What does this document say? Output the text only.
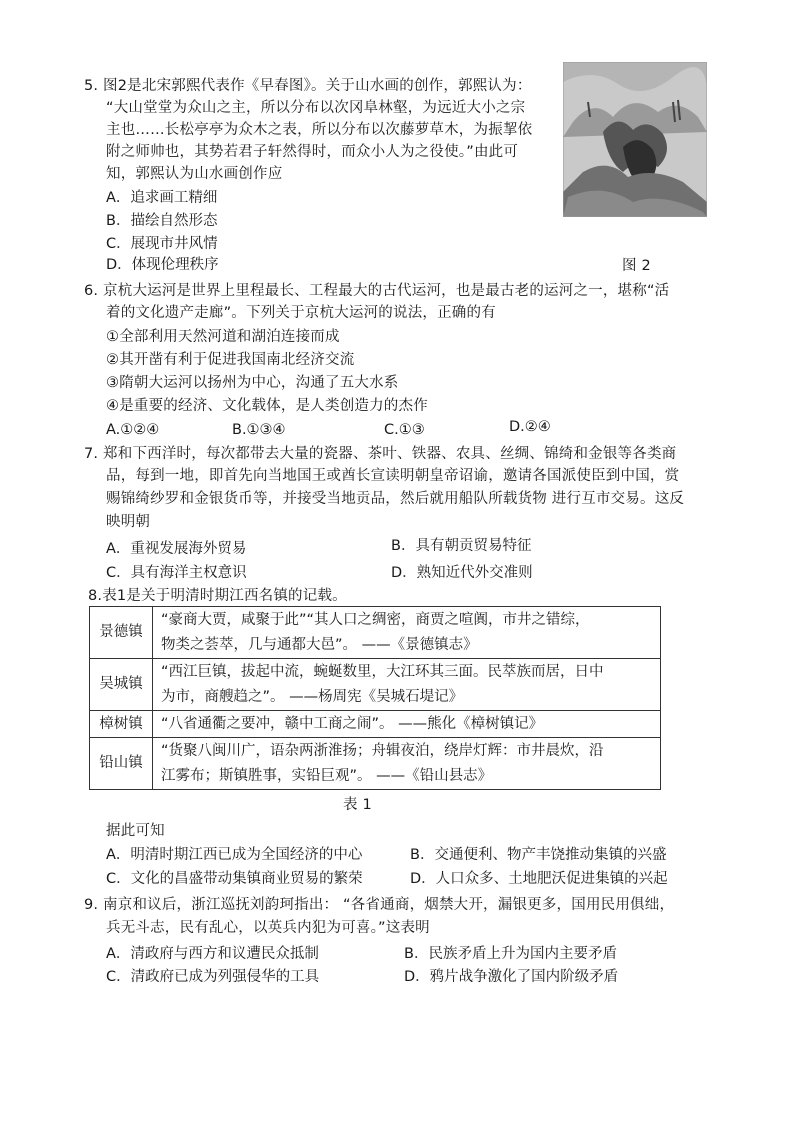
5. 图2是北宋郭熙代表作《早春图》。关于山水画的创作，郭熙认为：
“大山堂堂为众山之主，所以分布以次冈阜林壑，为远近大小之宗
主也……长松亭亭为众木之表，所以分布以次藤萝草木，为振挈依
附之师帅也，其势若君子轩然得时，而众小人为之役使。”由此可
知，郭熙认为山水画创作应
A．追求画工精细
B．描绘自然形态
C．展现市井风情
D．体现伦理秩序	图 2
6. 京杭大运河是世界上里程最长、工程最大的古代运河，也是最古老的运河之一，堪称“活
着的文化遗产走廊”。下列关于京杭大运河的说法，正确的有
①全部利用天然河道和湖泊连接而成
②其开凿有利于促进我国南北经济交流
③隋朝大运河以扬州为中心，沟通了五大水系
④是重要的经济、文化载体，是人类创造力的杰作
A.①②④	B.①③④	C.①③	D.②④
7. 郑和下西洋时，每次都带去大量的瓷器、茶叶、铁器、农具、丝绸、锦绮和金银等各类商
品，每到一地，即首先向当地国王或酋长宣读明朝皇帝诏谕，邀请各国派使臣到中国，赏
赐锦绮纱罗和金银货币等，并接受当地贡品，然后就用船队所载货物 进行互市交易。这反
映明朝
A．重视发展海外贸易	B．具有朝贡贸易特征
C．具有海洋主权意识	D．熟知近代外交准则
8.表1是关于明清时期江西名镇的记载。
景德镇	“豪商大贾，咸聚于此”“其人口之绸密，商贾之喧阗，市井之错综，
物类之荟萃，几与通都大邑”。 ——《景德镇志》

吴城镇	“西江巨镇，拔起中流，蜿蜒数里，大江环其三面。民萃族而居，日中
为市，商艘趋之”。 ——杨周宪《吴城石堤记》

樟树镇	“八省通衢之要冲，赣中工商之闹”。 ——熊化《樟树镇记》

铅山镇	“货聚八闽川广，语杂两浙淮扬；舟辑夜泊，绕岸灯辉：市井晨炊，沿
江雾布；斯镇胜事，实铅巨观”。 ——《铅山县志》
表 1
据此可知
A．明清时期江西已成为全国经济的中心	B．交通便利、物产丰饶推动集镇的兴盛
C．文化的昌盛带动集镇商业贸易的繁荣	D．人口众多、土地肥沃促进集镇的兴起
9. 南京和议后，浙江巡抚刘韵珂指出： “各省通商，烟禁大开，漏银更多，国用民用俱绌，
兵无斗志，民有乱心，以英兵内犯为可喜。”这表明
A．清政府与西方和议遭民众抵制	B．民族矛盾上升为国内主要矛盾
C．清政府已成为列强侵华的工具	D．鸦片战争激化了国内阶级矛盾
